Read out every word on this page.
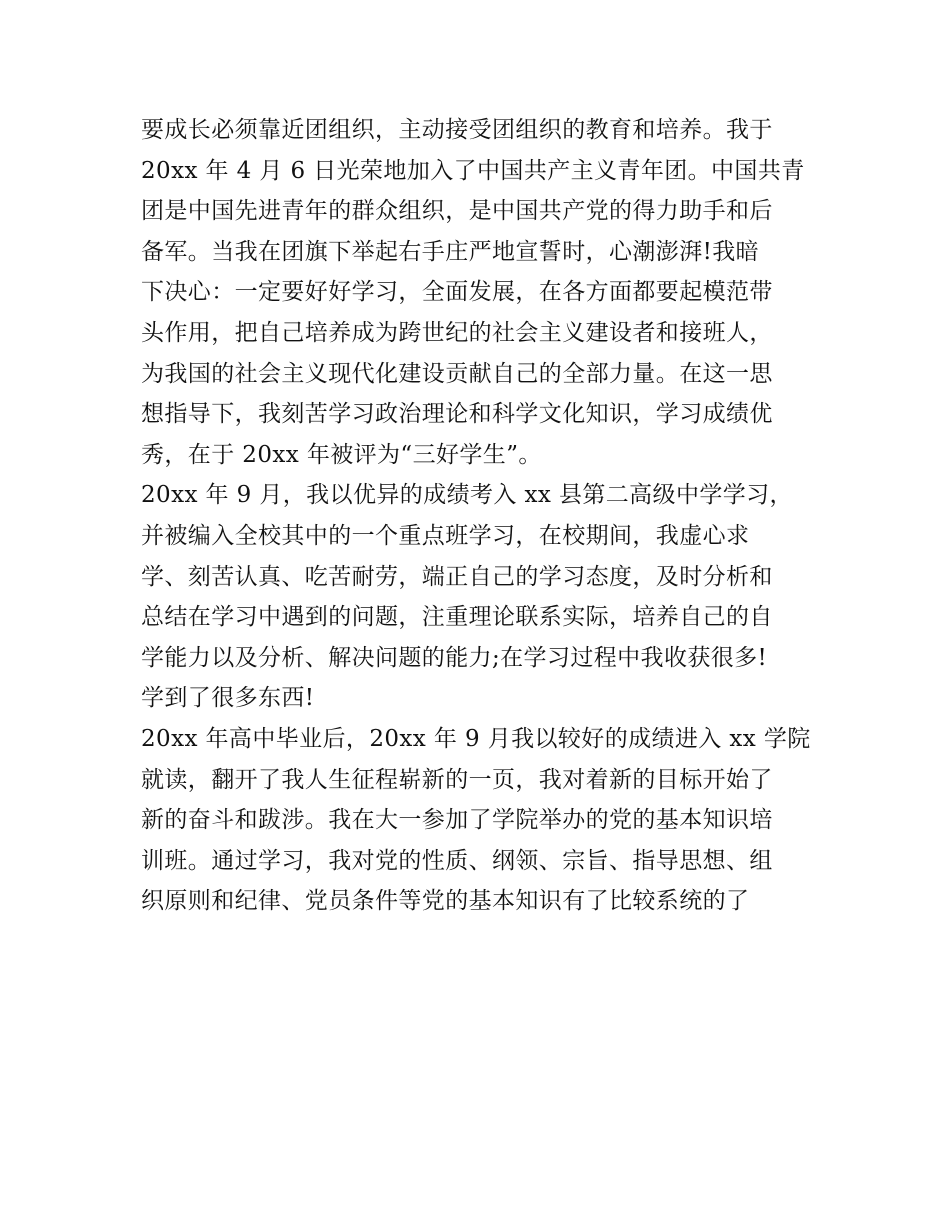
要成长必须靠近团组织，主动接受团组织的教育和培养。我于
20xx 年 4 月 6 日光荣地加入了中国共产主义青年团。中国共青
团是中国先进青年的群众组织，是中国共产党的得力助手和后
备军。当我在团旗下举起右手庄严地宣誓时，心潮澎湃!我暗
下决心：一定要好好学习，全面发展，在各方面都要起模范带
头作用，把自己培养成为跨世纪的社会主义建设者和接班人，
为我国的社会主义现代化建设贡献自己的全部力量。在这一思
想指导下，我刻苦学习政治理论和科学文化知识，学习成绩优
秀，在于 20xx 年被评为“三好学生”。
20xx 年 9 月，我以优异的成绩考入 xx 县第二高级中学学习，
并被编入全校其中的一个重点班学习，在校期间，我虚心求
学、刻苦认真、吃苦耐劳，端正自己的学习态度，及时分析和
总结在学习中遇到的问题，注重理论联系实际，培养自己的自
学能力以及分析、解决问题的能力;在学习过程中我收获很多!
学到了很多东西!
20xx 年高中毕业后，20xx 年 9 月我以较好的成绩进入 xx 学院
就读，翻开了我人生征程崭新的一页，我对着新的目标开始了
新的奋斗和跋涉。我在大一参加了学院举办的党的基本知识培
训班。通过学习，我对党的性质、纲领、宗旨、指导思想、组
织原则和纪律、党员条件等党的基本知识有了比较系统的了
